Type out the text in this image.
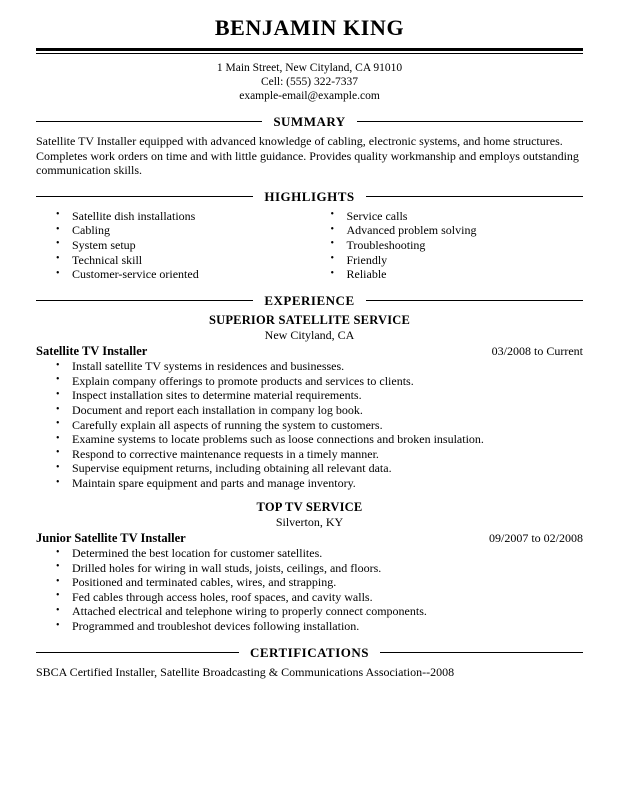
BENJAMIN KING
1 Main Street, New Cityland, CA 91010
Cell: (555) 322-7337
example-email@example.com
SUMMARY
Satellite TV Installer equipped with advanced knowledge of cabling, electronic systems, and home structures. Completes work orders on time and with little guidance. Provides quality workmanship and employs outstanding communication skills.
HIGHLIGHTS
• Satellite dish installations
• Cabling
• System setup
• Technical skill
• Customer-service oriented
• Service calls
• Advanced problem solving
• Troubleshooting
• Friendly
• Reliable
EXPERIENCE
SUPERIOR SATELLITE SERVICE
New Cityland, CA
Satellite TV Installer	03/2008 to Current
• Install satellite TV systems in residences and businesses.
• Explain company offerings to promote products and services to clients.
• Inspect installation sites to determine material requirements.
• Document and report each installation in company log book.
• Carefully explain all aspects of running the system to customers.
• Examine systems to locate problems such as loose connections and broken insulation.
• Respond to corrective maintenance requests in a timely manner.
• Supervise equipment returns, including obtaining all relevant data.
• Maintain spare equipment and parts and manage inventory.
TOP TV SERVICE
Silverton, KY
Junior Satellite TV Installer	09/2007 to 02/2008
• Determined the best location for customer satellites.
• Drilled holes for wiring in wall studs, joists, ceilings, and floors.
• Positioned and terminated cables, wires, and strapping.
• Fed cables through access holes, roof spaces, and cavity walls.
• Attached electrical and telephone wiring to properly connect components.
• Programmed and troubleshot devices following installation.
CERTIFICATIONS
SBCA Certified Installer, Satellite Broadcasting & Communications Association--2008
